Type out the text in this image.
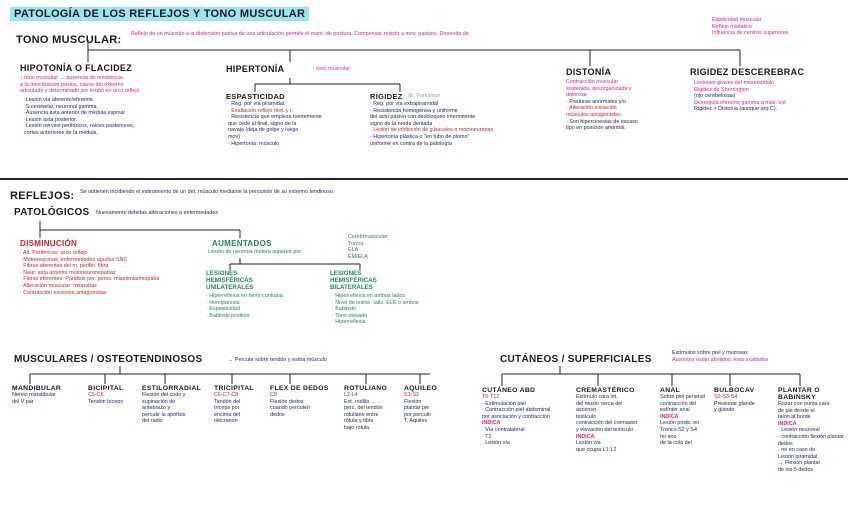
PATOLOGÍA DE LOS REFLEJOS Y TONO MUSCULAR
TONO MUSCULAR: Reflejo de un músculo a la distensión pasiva de una articulación permite el mant. de postura. Compensar resistir a mov. pasivos. Depende de
Elasticidad muscular
Reflejo miotático
Influencia de centros superiores
HIPOTONÍA O FLACIDEZ
↓ tono muscular → ausencia de resistencia
a la movilización pasiva, causa del extremo
articulado y determinado por lesión en arco reflejo
·Lesión vía aferente/eferente.
·S.cerebelar, neuronal gamma.
·Ausencia asta anterior de médula espinal
·Lesión asta posterior.
·Lesión nervios periféricos, raíces posteriores,
cortes anteriores de la médula.
HIPERTONÍA	↑ tono muscular
ESPASTICIDAD
· Reg. por vía piramidal.
· Exaltación reflejo mot. y r.
· Resistencia que empieza fuertemente
que cede al final, signo de la
navaja (deja de golpe y luego
mov)
· Hipertonía: músculo
RIGIDEZ (E: Parkinson
· Reg. por vía extrapiramidal
· Resistencia homogénea y uniforme
del acto pasivo con desbloqueo intermitente
signo de la rueda dentada
· Lesión de inhibición de g.basales o motoneuronas
· Hipertonía plástica o "en tubo de plomo"
uniforme en contra de la patología
DISTONÍA
Contracción muscular
sostenida, desorganizada y
dolorosa
· Posturas anormales y/o
· Alteración iniciación
músculos antagonistas
· Son hipercinesias de escaso
tipo en posición anormal.
RIGIDEZ DESCEREBRAC
Lesiones graves del mesencéfalo
Rigidez de Sherrington
(ojo cerebelosas)
Desregula eferente gamma a más. ext
Rigidez > Distonía (aunque arq C).
REFLEJOS: Se obtienen incidiendo el estiramiento de un det. músculo mediante la percusión de su extremo tendinoso.
PATOLÓGICOS Nuevamente debidas alteraciones a enfermedades
DISMINUCIÓN
· Alt. Periféricas: arco reflejo
· Motoneuronas: enfermedades agudas SNC
· Fibras aferentes del m. perifér. fibra
· Neur. asta anterior motoneuronopatías
· Fibras eferentes: Parálisis per. peros. miastenia/miopatía
· Alteración muscular: miopatías
· Contracción excesiva antagonistas
AUMENTADOS
Lesión de neurona motora superior por
Cerebrovascular
Tumor
ELA
EM/ELA
LESIONES
HEMISFÉRICAS
UNILATERALES
· Hiperreflexia en hemi-contralat.
· Hemiparesia
· Espasticidad
· Babinski positivo
LESIONES
HEMISFÉRICAS
BILATERALES
· Hiperreflexia en ambos lados
· Nivel de lesión: tallo, ELE o ambos
· Babinski
· Tono elevado
· Hiperreflexia
MUSCULARES / OSTEOTENDINOSOS	→ Percute sobre tendón y estira músculo
MANDIBULAR
Nervio mandibular
del V par
BICIPITAL
C5-C6
Tendón bíceps
ESTILORRADIAL
Flexión del codo y
supinación de
antebrazo y
percutir la apófisis
del radio
TRICIPITAL
C6-C7-C8
Tendón del
tríceps por
encima del
olécranon
FLEX DE DEDOS
C8
Flexión dedos
cuando percuten
dedos
ROTULIANO
L2-L4
Ext. rodilla →
perc. del tendón
rotuliano entre
rótula y tibia
bajo rótula.
AQUILEO
S1-S2
Flexión
plantar pie
por percutir
T. Aquiles
CUTÁNEOS / SUPERFICIALES
Estímulos sobre piel y mucosas
Ausentes están abolidos, está exaltados
CUTÁNEO ABD
T6-T12
· Estimulación piel
· Contracción piel abdominal
por asociación y contracción
INDICA
· Vía contralateral
· T2
· Lesión vía
CREMASTÉRICO
Estímulo cara int.
del muslo cerca del
ascenso
testículo
contracción del cremaster
y elevación del testículo
INDICA
Lesión vía
que ocupa L1-L2
ANAL
Sobre piel perianal
contracción del
esfínter anal
INDICA
Lesión posib. en
Tronco S2 y S4
no ano
de la cola del
BULBOCAV
S2-S3-S4
Presionar glande
y glande
PLANTAR O BABINSKY
Rozar con punta cara
de pie desde el
talón al borde
INDICA
· Lesión neuronal
· contracción flexión plantar
dedos
· no en caso de
Lesión piramidal.
→ Flexión plantar
de los 5 dedos
